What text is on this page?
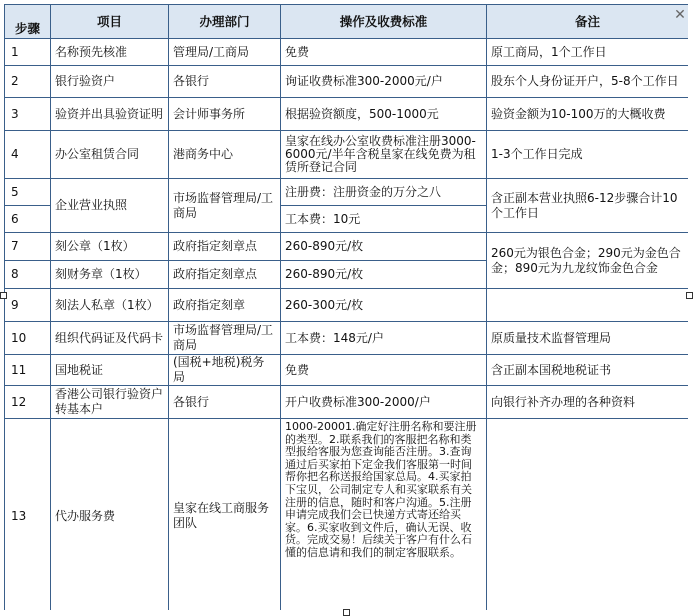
步骤	项目	办理部门	操作及收费标准	备注
1	名称预先核准	管理局/工商局	免费	原工商局，1个工作日
2	银行验资户	各银行	询证收费标准300-2000元/户	股东个人身份证开户，5-8个工作日
3	验资并出具验资证明	会计师事务所	根据验资额度，500-1000元	验资金额为10-100万的大概收费
4	办公室租赁合同	港商务中心	皇家在线办公室收费标准注册3000-6000元/半年含税皇家在线免费为租赁所登记合同	1-3个工作日完成
5	企业营业执照	市场监督管理局/工商局	注册费：注册资金的万分之八	含正副本营业执照6-12步骤合计10个工作日
6			工本费：10元	
7	刻公章（1枚）	政府指定刻章点	260-890元/枚	260元为银色合金；290元为金色合金；890元为九龙纹饰金色合金
8	刻财务章（1枚）	政府指定刻章点	260-890元/枚	
9	刻法人私章（1枚）	政府指定刻章	260-300元/枚	
10	组织代码证及代码卡	市场监督管理局/工商局	工本费：148元/户	原质量技术监督管理局
11	国地税证	(国税+地税)税务局	免费	含正副本国税地税证书
12	香港公司银行验资户转基本户	各银行	开户收费标准300-2000/户	向银行补齐办理的各种资料
13	代办服务费	皇家在线工商服务团队	1000-20001.确定好注册名称和要注册的类型。2.联系我们的客服把名称和类型报给客服为您查询能否注册。3.查询通过后买家拍下定金我们客服第一时间帮你把名称送报给国家总局。4.买家拍下宝贝，公司制定专人和买家联系有关注册的信息，随时和客户沟通。5.注册申请完成我们会已快递方式寄还给买家。6.买家收到文件后，确认无误、收货。完成交易！后续关于客户有什么石懂的信息请和我们的制定客服联系。	
✕
